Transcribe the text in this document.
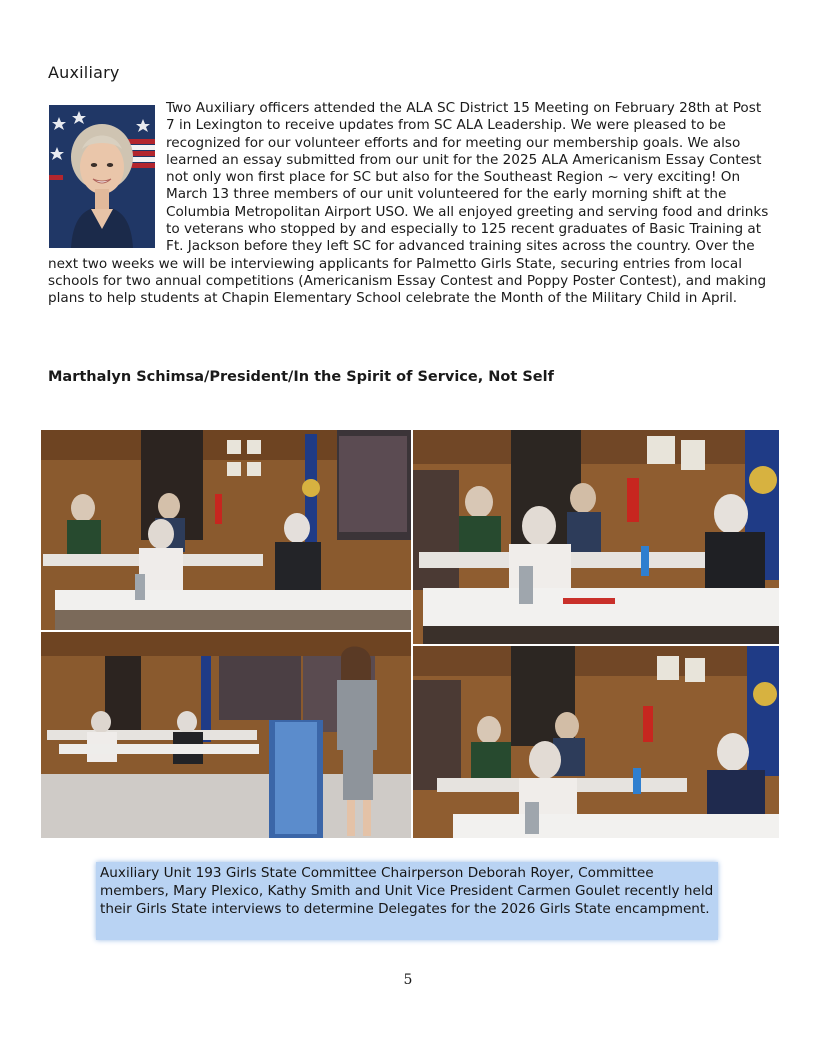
Auxiliary

Two Auxiliary officers attended the ALA SC District 15 Meeting on February 28th at Post 7 in Lexington to receive updates from SC ALA Leadership. We were pleased to be recognized for our volunteer efforts and for meeting our membership goals. We also learned an essay submitted from our unit for the 2025 ALA Americanism Essay Contest not only won first place for SC but also for the Southeast Region ~ very exciting! On March 13 three members of our unit volunteered for the early morning shift at the Columbia Metropolitan Airport USO. We all enjoyed greeting and serving food and drinks to veterans who stopped by and especially to 125 recent graduates of Basic Training at Ft. Jackson before they left SC for advanced training sites across the country. Over the next two weeks we will be interviewing applicants for Palmetto Girls State, securing entries from local schools for two annual competitions (Americanism Essay Contest and Poppy Poster Contest), and making plans to help students at Chapin Elementary School celebrate the Month of the Military Child in April.

Marthalyn Schimsa/President/In the Spirit of Service, Not Self

Auxiliary Unit 193 Girls State Committee Chairperson Deborah Royer, Committee members, Mary Plexico, Kathy Smith and Unit Vice President Carmen Goulet recently held their Girls State interviews to determine Delegates for the 2026 Girls State encampment.

5
